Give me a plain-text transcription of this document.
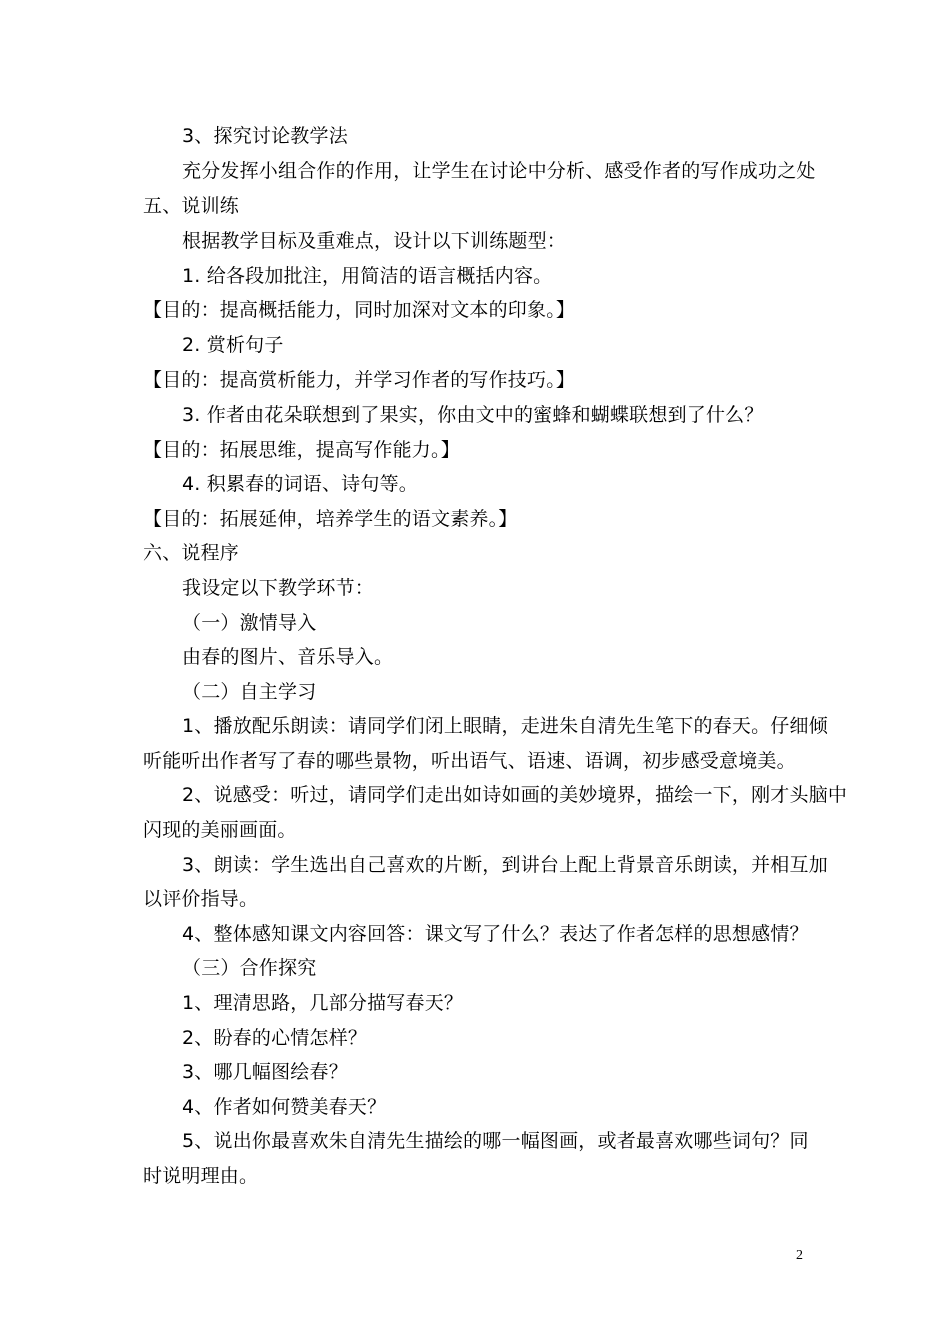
3、探究讨论教学法
充分发挥小组合作的作用，让学生在讨论中分析、感受作者的写作成功之处
五、说训练
根据教学目标及重难点，设计以下训练题型：
1. 给各段加批注，用简洁的语言概括内容。
【目的：提高概括能力，同时加深对文本的印象。】
2. 赏析句子
【目的：提高赏析能力，并学习作者的写作技巧。】
3. 作者由花朵联想到了果实，你由文中的蜜蜂和蝴蝶联想到了什么？
【目的：拓展思维，提高写作能力。】
4. 积累春的词语、诗句等。
【目的：拓展延伸，培养学生的语文素养。】
六、说程序
我设定以下教学环节：
（一）激情导入
由春的图片、音乐导入。
（二）自主学习
1、播放配乐朗读：请同学们闭上眼睛，走进朱自清先生笔下的春天。仔细倾
听能听出作者写了春的哪些景物，听出语气、语速、语调，初步感受意境美。
2、说感受：听过，请同学们走出如诗如画的美妙境界，描绘一下，刚才头脑中
闪现的美丽画面。
3、朗读：学生选出自己喜欢的片断，到讲台上配上背景音乐朗读，并相互加
以评价指导。
4、整体感知课文内容回答：课文写了什么？表达了作者怎样的思想感情？
（三）合作探究
1、理清思路，几部分描写春天？
2、盼春的心情怎样？
3、哪几幅图绘春？
4、作者如何赞美春天？
5、说出你最喜欢朱自清先生描绘的哪一幅图画，或者最喜欢哪些词句？同
时说明理由。
2
